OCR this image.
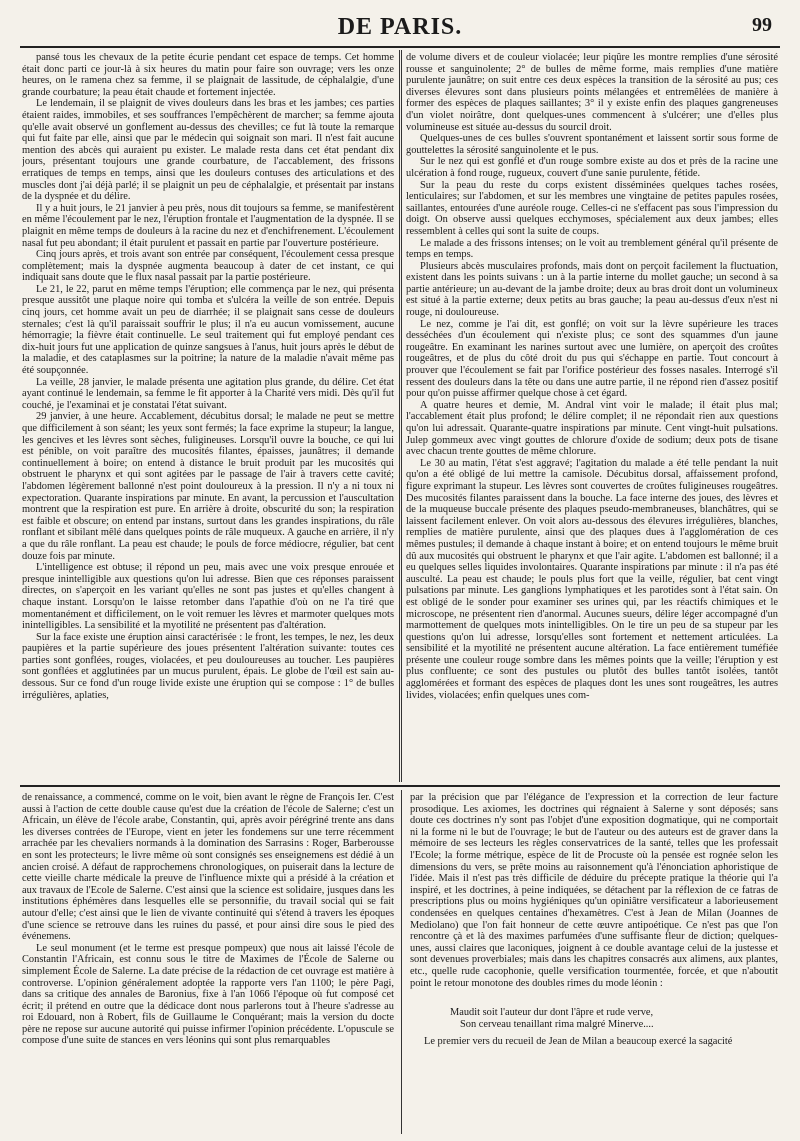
DE PARIS.	99

pansé tous les chevaux de la petite écurie pendant cet espace de temps. Cet homme était donc parti ce jour-là à six heures du matin pour faire son ouvrage; vers les onze heures, on le ramena chez sa femme, il se plaignait de lassitude, de céphalalgie, d'une grande courbature; la peau était chaude et fortement injectée.

Le lendemain, il se plaignit de vives douleurs dans les bras et les jambes; ces parties étaient raides, immobiles, et ses souffrances l'empêchèrent de marcher; sa femme ajouta qu'elle avait observé un gonflement au-dessus des chevilles; ce fut là toute la remarque qui fut faite par elle, ainsi que par le médecin qui soignait son mari. Il n'est fait aucune mention des abcès qui auraient pu exister. Le malade resta dans cet état pendant dix jours, présentant toujours une grande courbature, de l'accablement, des frissons erratiques de temps en temps, ainsi que les douleurs contuses des articulations et des muscles dont j'ai déjà parlé; il se plaignit un peu de céphalalgie, et présentait par instans de la dyspnée et du délire.

Il y a huit jours, le 21 janvier à peu près, nous dit toujours sa femme, se manifestèrent en même l'écoulement par le nez, l'éruption frontale et l'augmentation de la dyspnée. Il se plaignit en même temps de douleurs à la racine du nez et d'enchifrenement. L'écoulement nasal fut peu abondant; il était purulent et passait en partie par l'ouverture postérieure.

Cinq jours après, et trois avant son entrée par conséquent, l'écoulement cessa presque complètement; mais la dyspnée augmenta beaucoup à dater de cet instant, ce qui indiquait sans doute que le flux nasal passait par la partie postérieure.

Le 21, le 22, parut en même temps l'éruption; elle commença par le nez, qui présenta presque aussitôt une plaque noire qui tomba et s'ulcéra la veille de son entrée. Depuis cinq jours, cet homme avait un peu de diarrhée; il se plaignait sans cesse de douleurs sternales; c'est là qu'il paraissait souffrir le plus; il n'a eu aucun vomissement, aucune hémorragie; la fièvre était continuelle. Le seul traitement qui fut employé pendant ces dix-huit jours fut une application de quinze sangsues à l'anus, huit jours après le début de la maladie, et des cataplasmes sur la poitrine; la nature de la maladie n'avait même pas été soupçonnée.

La veille, 28 janvier, le malade présenta une agitation plus grande, du délire. Cet état ayant continué le lendemain, sa femme le fit apporter à la Charité vers midi. Dès qu'il fut couché, je l'examinai et je constatai l'état suivant.

29 janvier, à une heure. Accablement, décubitus dorsal; le malade ne peut se mettre que difficilement à son séant; les yeux sont fermés; la face exprime la stupeur; la langue, les gencives et les lèvres sont sèches, fuligineuses. Lorsqu'il ouvre la bouche, ce qui lui est pénible, on voit paraître des mucosités filantes, épaisses, jaunâtres; il demande continuellement à boire; on entend à distance le bruit produit par les mucosités qui obstruent le pharynx et qui sont agitées par le passage de l'air à travers cette cavité; l'abdomen légèrement ballonné n'est point douloureux à la pression. Il n'y a ni toux ni expectoration. Quarante inspirations par minute. En avant, la percussion et l'auscultation montrent que la respiration est pure. En arrière à droite, obscurité du son; la respiration est faible et obscure; on entend par instans, surtout dans les grandes inspirations, du râle ronflant et sibilant mêlé dans quelques points de râle muqueux. A gauche en arrière, il n'y a que du râle ronflant. La peau est chaude; le pouls de force médiocre, régulier, bat cent douze fois par minute.

L'intelligence est obtuse; il répond un peu, mais avec une voix presque enrouée et presque inintelligible aux questions qu'on lui adresse. Bien que ces réponses paraissent directes, on s'aperçoit en les variant qu'elles ne sont pas justes et qu'elles changent à chaque instant. Lorsqu'on le laisse retomber dans l'apathie d'où on ne l'a tiré que momentanément et difficilement, on le voit remuer les lèvres et marmoter quelques mots inintelligibles. La sensibilité et la myotilité ne présentent pas d'altération.

Sur la face existe une éruption ainsi caractérisée : le front, les tempes, le nez, les deux paupières et la partie supérieure des joues présentent l'altération suivante: toutes ces parties sont gonflées, rouges, violacées, et peu douloureuses au toucher. Les paupières sont gonflées et agglutinées par un mucus purulent, épais. Le globe de l'œil est sain au-dessous. Sur ce fond d'un rouge livide existe une éruption qui se compose : 1° de bulles irrégulières, aplaties,

de volume divers et de couleur violacée; leur piqûre les montre remplies d'une sérosité rousse et sanguinolente; 2° de bulles de même forme, mais remplies d'une matière purulente jaunâtre; on suit entre ces deux espèces la transition de la sérosité au pus; ces diverses élevures sont dans plusieurs points mélangées et entremêlées de manière à former des espèces de plaques saillantes; 3° il y existe enfin des plaques gangreneuses d'un violet noirâtre, dont quelques-unes commencent à s'ulcérer; une d'elles plus volumineuse est située au-dessus du sourcil droit.

Quelques-unes de ces bulles s'ouvrent spontanément et laissent sortir sous forme de gouttelettes la sérosité sanguinolente et le pus.

Sur le nez qui est gonflé et d'un rouge sombre existe au dos et près de la racine une ulcération à fond rouge, rugueux, couvert d'une sanie purulente, fétide.

Sur la peau du reste du corps existent disséminées quelques taches rosées, lenticulaires; sur l'abdomen, et sur les membres une vingtaine de petites papules rosées, saillantes, entourées d'une auréole rouge. Celles-ci ne s'effacent pas sous l'impression du doigt. On observe aussi quelques ecchymoses, spécialement aux deux jambes; elles ressemblent à celles qui sont la suite de coups.

Le malade a des frissons intenses; on le voit au tremblement général qu'il présente de temps en temps.

Plusieurs abcès musculaires profonds, mais dont on perçoit facilement la fluctuation, existent dans les points suivans : un à la partie interne du mollet gauche; un second à sa partie antérieure; un au-devant de la jambe droite; deux au bras droit dont un volumineux est situé à la partie externe; deux petits au bras gauche; la peau au-dessus d'eux n'est ni rouge, ni douloureuse.

Le nez, comme je l'ai dit, est gonflé; on voit sur la lèvre supérieure les traces desséchées d'un écoulement qui n'existe plus; ce sont des squammes d'un jaune rougeâtre. En examinant les narines surtout avec une lumière, on aperçoit des croûtes rougeâtres, et de plus du côté droit du pus qui s'échappe en partie. Tout concourt à prouver que l'écoulement se fait par l'orifice postérieur des fosses nasales. Interrogé s'il ressent des douleurs dans la tête ou dans une autre partie, il ne répond rien d'assez positif pour qu'on puisse affirmer quelque chose à cet égard.

A quatre heures et demie, M. Andral vint voir le malade; il était plus mal; l'accablement était plus profond; le délire complet; il ne répondait rien aux questions qu'on lui adressait. Quarante-quatre inspirations par minute. Cent vingt-huit pulsations. Julep gommeux avec vingt gouttes de chlorure d'oxide de sodium; deux pots de tisane avec chacun trente gouttes de même chlorure.

Le 30 au matin, l'état s'est aggravé; l'agitation du malade a été telle pendant la nuit qu'on a été obligé de lui mettre la camisole. Décubitus dorsal, affaissement profond, figure exprimant la stupeur. Les lèvres sont couvertes de croûtes fuligineuses rougeâtres. Des mucosités filantes paraissent dans la bouche. La face interne des joues, des lèvres et de la muqueuse buccale présente des plaques pseudo-membraneuses, blanchâtres, qui se laissent facilement enlever. On voit alors au-dessous des élevures irrégulières, blanches, remplies de matière purulente, ainsi que des plaques dues à l'agglomération de ces mêmes pustules; il demande à chaque instant à boire; et on entend toujours le même bruit dû aux mucosités qui obstruent le pharynx et que l'air agite. L'abdomen est ballonné; il a eu quelques selles liquides involontaires. Quarante inspirations par minute : il n'a pas été ausculté. La peau est chaude; le pouls plus fort que la veille, régulier, bat cent vingt pulsations par minute. Les ganglions lymphatiques et les parotides sont à l'état sain. On est obligé de le sonder pour examiner ses urines qui, par les réactifs chimiques et le microscope, ne présentent rien d'anormal. Aucunes sueurs, délire léger accompagné d'un marmottement de quelques mots inintelligibles. On le tire un peu de sa stupeur par les questions qu'on lui adresse, lorsqu'elles sont fortement et nettement articulées. La sensibilité et la myotilité ne présentent aucune altération. La face entièrement tuméfiée présente une couleur rouge sombre dans les mêmes points que la veille; l'éruption y est plus confluente; ce sont des pustules ou plutôt des bulles tantôt isolées, tantôt agglomérées et formant des espèces de plaques dont les unes sont rougeâtres, les autres livides, violacées; enfin quelques unes com-

de renaissance, a commencé, comme on le voit, bien avant le règne de François Ier. C'est aussi à l'action de cette double cause qu'est due la création de l'école de Salerne; c'est un Africain, un élève de l'école arabe, Constantin, qui, après avoir pérégriné trente ans dans les diverses contrées de l'Europe, vient en jeter les fondemens sur une terre récemment arrachée par les chevaliers normands à la domination des Sarrasins : Roger, Barberousse en sont les protecteurs; le livre même où sont consignés ses enseignemens est dédié à un ancien croisé. A défaut de rapprochemens chronologiques, on puiserait dans la lecture de cette vieille charte médicale la preuve de l'influence mixte qui a présidé à la création et aux travaux de l'Ecole de Salerne. C'est ainsi que la science est solidaire, jusques dans les institutions éphémères dans lesquelles elle se personnifie, du travail social qui se fait autour d'elle; c'est ainsi que le lien de vivante continuité qui s'étend à travers les époques d'une science se retrouve dans les ruines du passé, et pour ainsi dire sous le pied des événemens.

Le seul monument (et le terme est presque pompeux) que nous ait laissé l'école de Constantin l'Africain, est connu sous le titre de Maximes de l'École de Salerne ou simplement École de Salerne. La date précise de la rédaction de cet ouvrage est matière à controverse. L'opinion généralement adoptée la rapporte vers l'an 1100; le père Pagi, dans sa critique des annales de Baronius, fixe à l'an 1066 l'époque où fut composé cet écrit; il prétend en outre que la dédicace dont nous parlerons tout à l'heure s'adresse au roi Edouard, non à Robert, fils de Guillaume le Conquérant; mais la version du docte père ne repose sur aucune autorité qui puisse infirmer l'opinion précédente. L'opuscule se compose d'une suite de stances en vers léonins qui sont plus remarquables

par la précision que par l'élégance de l'expression et la correction de leur facture prosodique. Les axiomes, les doctrines qui régnaient à Salerne y sont déposés; sans doute ces doctrines n'y sont pas l'objet d'une exposition dogmatique, qui ne comportait ni la forme ni le but de l'ouvrage; le but de l'auteur ou des auteurs est de graver dans la mémoire de ses lecteurs les règles conservatrices de la santé, telles que les professait l'Ecole; la forme métrique, espèce de lit de Procuste où la pensée est rognée selon les dimensions du vers, se prête moins au raisonnement qu'à l'énonciation aphoristique de l'idée. Mais il n'est pas très difficile de déduire du précepte pratique la théorie qui l'a inspiré, et les doctrines, à peine indiquées, se détachent par la réflexion de ce fatras de prescriptions plus ou moins hygiéniques qu'un opiniâtre versificateur a laborieusement condensées en quelques centaines d'hexamètres. C'est à Jean de Milan (Joannes de Mediolano) que l'on fait honneur de cette œuvre antipoétique. Ce n'est pas que l'on rencontre çà et là des maximes parfumées d'une suffisante fleur de diction; quelques-unes, aussi claires que laconiques, joignent à ce double avantage celui de la justesse et sont devenues proverbiales; mais dans les chapitres consacrés aux alimens, aux plantes, etc., quelle rude cacophonie, quelle versification tourmentée, forcée, et que n'aboutit point le retour monotone des doubles rimes du mode léonin :

Maudit soit l'auteur dur dont l'âpre et rude verve,
Son cerveau tenaillant rima malgré Minerve....

Le premier vers du recueil de Jean de Milan a beaucoup exercé la sagacité
